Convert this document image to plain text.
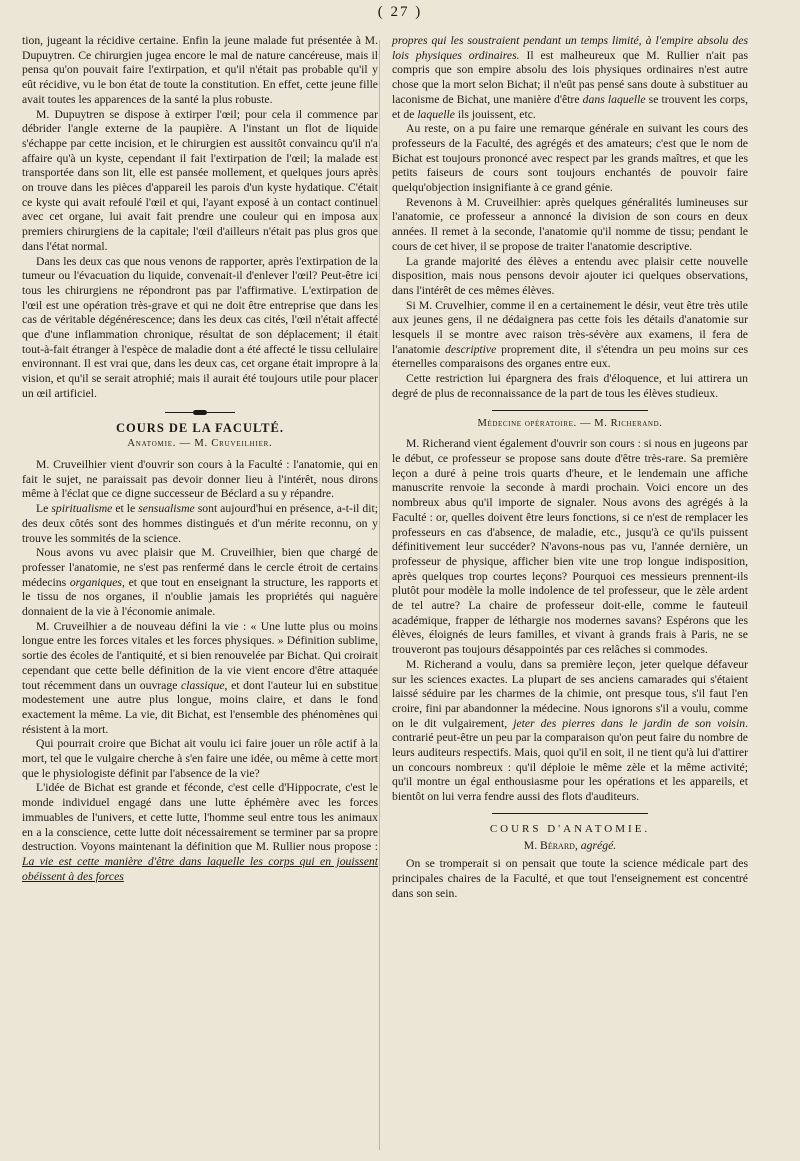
( 27 )

tion, jugeant la récidive certaine. Enfin la jeune malade fut présentée à M. Dupuytren. Ce chirurgien jugea encore le mal de nature cancéreuse, mais il pensa qu'on pouvait faire l'extirpation, et qu'il n'était pas probable qu'il y eût récidive, vu le bon état de toute la constitution. En effet, cette jeune fille avait toutes les apparences de la santé la plus robuste.

M. Dupuytren se dispose à extirper l'œil; pour cela il commence par débrider l'angle externe de la paupière. A l'instant un flot de liquide s'échappe par cette incision, et le chirurgien est aussitôt convaincu qu'il n'a affaire qu'à un kyste, cependant il fait l'extirpation de l'œil; la malade est transportée dans son lit, elle est pansée mollement, et quelques jours après on trouve dans les pièces d'appareil les parois d'un kyste hydatique. C'était ce kyste qui avait refoulé l'œil et qui, l'ayant exposé à un contact continuel avec cet organe, lui avait fait prendre une couleur qui en imposa aux premiers chirurgiens de la capitale; l'œil d'ailleurs n'était pas plus gros que dans l'état normal.

Dans les deux cas que nous venons de rapporter, après l'extirpation de la tumeur ou l'évacuation du liquide, convenait-il d'enlever l'œil? Peut-être ici tous les chirurgiens ne répondront pas par l'affirmative. L'extirpation de l'œil est une opération très-grave et qui ne doit être entreprise que dans les cas de véritable dégénérescence; dans les deux cas cités, l'œil n'était affecté que d'une inflammation chronique, résultat de son déplacement; il était tout-à-fait étranger à l'espèce de maladie dont a été affecté le tissu cellulaire environnant. Il est vrai que, dans les deux cas, cet organe était impropre à la vision, et qu'il se serait atrophié; mais il aurait été toujours utile pour placer un œil artificiel.

COURS DE LA FACULTÉ.

Anatomie. — M. Cruveilhier.

M. Cruveilhier vient d'ouvrir son cours à la Faculté : l'anatomie, qui en fait le sujet, ne paraissait pas devoir donner lieu à l'intérêt, nous dirons même à l'éclat que ce digne successeur de Béclard a su y répandre.

Le spiritualisme et le sensualisme sont aujourd'hui en présence, a-t-il dit; des deux côtés sont des hommes distingués et d'un mérite reconnu, on y trouve les sommités de la science.

Nous avons vu avec plaisir que M. Cruveilhier, bien que chargé de professer l'anatomie, ne s'est pas renfermé dans le cercle étroit de certains médecins organiques, et que tout en enseignant la structure, les rapports et le tissu de nos organes, il n'oublie jamais les propriétés qui naguère donnaient de la vie à l'économie animale.

M. Cruveilhier a de nouveau défini la vie : « Une lutte plus ou moins longue entre les forces vitales et les forces physiques. » Définition sublime, sortie des écoles de l'antiquité, et si bien renouvelée par Bichat. Qui croirait cependant que cette belle définition de la vie vient encore d'être attaquée tout récemment dans un ouvrage classique, et dont l'auteur lui en substitue modestement une autre plus longue, moins claire, et dans le fond exactement la même. La vie, dit Bichat, est l'ensemble des phénomènes qui résistent à la mort.

Qui pourrait croire que Bichat ait voulu ici faire jouer un rôle actif à la mort, tel que le vulgaire cherche à s'en faire une idée, ou même à cette mort que le physiologiste définit par l'absence de la vie?

L'idée de Bichat est grande et féconde, c'est celle d'Hippocrate, c'est le monde individuel engagé dans une lutte éphémère avec les forces immuables de l'univers, et cette lutte, l'homme seul entre tous les animaux en a la conscience, cette lutte doit nécessairement se terminer par sa propre destruction. Voyons maintenant la définition que M. Rullier nous propose : La vie est cette manière d'être dans laquelle les corps qui en jouissent obéissent à des forces

propres qui les soustraient pendant un temps limité, à l'empire absolu des lois physiques ordinaires. Il est malheureux que M. Rullier n'ait pas compris que son empire absolu des lois physiques ordinaires n'est autre chose que la mort selon Bichat; il n'eût pas pensé sans doute à substituer au laconisme de Bichat, une manière d'être dans laquelle se trouvent les corps, et de laquelle ils jouissent, etc.

Au reste, on a pu faire une remarque générale en suivant les cours des professeurs de la Faculté, des agrégés et des amateurs; c'est que le nom de Bichat est toujours prononcé avec respect par les grands maîtres, et que les petits faiseurs de cours sont toujours enchantés de pouvoir faire quelqu'objection insignifiante à ce grand génie.

Revenons à M. Cruveilhier: après quelques généralités lumineuses sur l'anatomie, ce professeur a annoncé la division de son cours en deux années. Il remet à la seconde, l'anatomie qu'il nomme de tissu; pendant le cours de cet hiver, il se propose de traiter l'anatomie descriptive.

La grande majorité des élèves a entendu avec plaisir cette nouvelle disposition, mais nous pensons devoir ajouter ici quelques observations, dans l'intérêt de ces mêmes élèves.

Si M. Cruvelhier, comme il en a certainement le désir, veut être très utile aux jeunes gens, il ne dédaignera pas cette fois les détails d'anatomie sur lesquels il se montre avec raison très-sévère aux examens, il fera de l'anatomie descriptive proprement dite, il s'étendra un peu moins sur ces éternelles comparaisons des organes entre eux.

Cette restriction lui épargnera des frais d'éloquence, et lui attirera un degré de plus de reconnaissance de la part de tous les élèves studieux.

Médecine opératoire. — M. Richerand.

M. Richerand vient également d'ouvrir son cours : si nous en jugeons par le début, ce professeur se propose sans doute d'être très-rare. Sa première leçon a duré à peine trois quarts d'heure, et le lendemain une affiche manuscrite renvoie la seconde à mardi prochain. Voici encore un des nombreux abus qu'il importe de signaler. Nous avons des agrégés à la Faculté : or, quelles doivent être leurs fonctions, si ce n'est de remplacer les professeurs en cas d'absence, de maladie, etc., jusqu'à ce qu'ils puissent définitivement leur succéder? N'avons-nous pas vu, l'année dernière, un professeur de physique, afficher bien vite une trop longue indisposition, après quelques trop courtes leçons? Pourquoi ces messieurs prennent-ils plutôt pour modèle la molle indolence de tel professeur, que le zèle ardent de tel autre? La chaire de professeur doit-elle, comme le fauteuil académique, frapper de léthargie nos modernes savans? Espérons que les élèves, éloignés de leurs familles, et vivant à grands frais à Paris, ne se trouveront pas toujours désappointés par ces relâches si commodes.

M. Richerand a voulu, dans sa première leçon, jeter quelque défaveur sur les sciences exactes. La plupart de ses anciens camarades qui s'étaient laissé séduire par les charmes de la chimie, ont presque tous, s'il faut l'en croire, fini par abandonner la médecine. Nous ignorons s'il a voulu, comme on le dit vulgairement, jeter des pierres dans le jardin de son voisin. contrarié peut-être un peu par la comparaison qu'on peut faire du nombre de leurs auditeurs respectifs. Mais, quoi qu'il en soit, il ne tient qu'à lui d'attirer un concours nombreux : qu'il déploie le même zèle et la même activité; qu'il montre un égal enthousiasme pour les opérations et les appareils, et bientôt on lui verra fendre aussi des flots d'auditeurs.

COURS D'ANATOMIE.

M. Bérard, agrégé.

On se tromperait si on pensait que toute la science médicale part des principales chaires de la Faculté, et que tout l'enseignement est concentré dans son sein.
